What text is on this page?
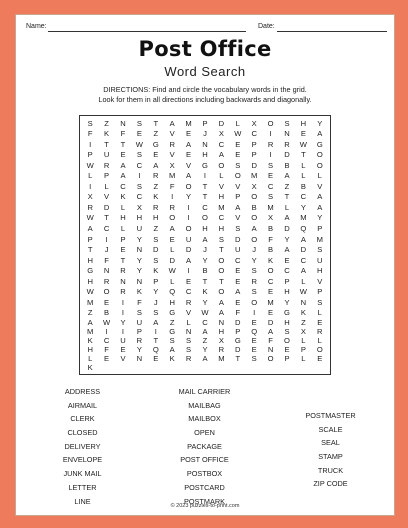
Name:	Date:
Post Office
Word Search
DIRECTIONS: Find and circle the vocabulary words in the grid.
Look for them in all directions including backwards and diagonally.
S	Z	N	S	T	A	M	P	D	L	X	O	S	H	Y
F	K	F	E	Z	V	E	J	X	W	C	I	N	E	A
I	T	T	W	G	R	A	N	C	E	P	R	R	W	G
P	U	E	S	E	V	E	H	A	E	P	I	D	T	O
W	R	A	C	A	X	V	G	O	S	D	S	B	L	O
L	P	A	I	R	M	A	I	L	O	M	E	A	L	L
I	L	C	S	Z	F	O	T	V	V	X	C	Z	B	V
X	V	K	C	K	I	Y	T	H	P	O	S	T	C	A
R	D	L	X	R	R	I	C	M	A	B	M	L	Y	A
W	T	H	H	H	O	I	O	C	V	O	X	A	M	Y
A	C	L	U	Z	A	O	H	H	S	A	B	D	Q	P
P	I	P	Y	S	E	U	A	S	D	O	F	Y	A	M
T	J	E	N	D	L	D	J	T	U	J	B	A	D	S
H	F	T	Y	S	D	A	Y	O	C	Y	K	E	C	U
G	N	R	Y	K	W	I	B	O	E	S	O	C	A	H
H	R	N	N	P	L	E	T	T	E	R	C	P	L	V
W	O	R	K	Y	Q	C	K	O	A	S	E	H	W	P
M	E	I	F	J	H	R	Y	A	E	O	M	Y	N	S
Z	B	I	S	S	G	V	W	A	F	I	E	G	K	L
A	W	Y	U	A	Z	L	C	N	D	E	D	H	Z	E
M	I	I	P	I	G	N	A	H	P	Q	A	S	X	R
K	C	U	R	T	S	S	Z	X	G	E	F	O	L	L
H	F	E	Y	Q	A	S	Y	R	D	E	N	E	P	O
L	E	V	N	E	K	R	A	M	T	S	O	P	L	E
K
ADDRESS
AIRMAIL
CLERK
CLOSED
DELIVERY
ENVELOPE
JUNK MAIL
LETTER
LINE
MAIL CARRIER
MAILBAG
MAILBOX
OPEN
PACKAGE
POST OFFICE
POSTBOX
POSTCARD
POSTMARK
POSTMASTER
SCALE
SEAL
STAMP
TRUCK
ZIP CODE
© 2023 puzzles-to-print.com
